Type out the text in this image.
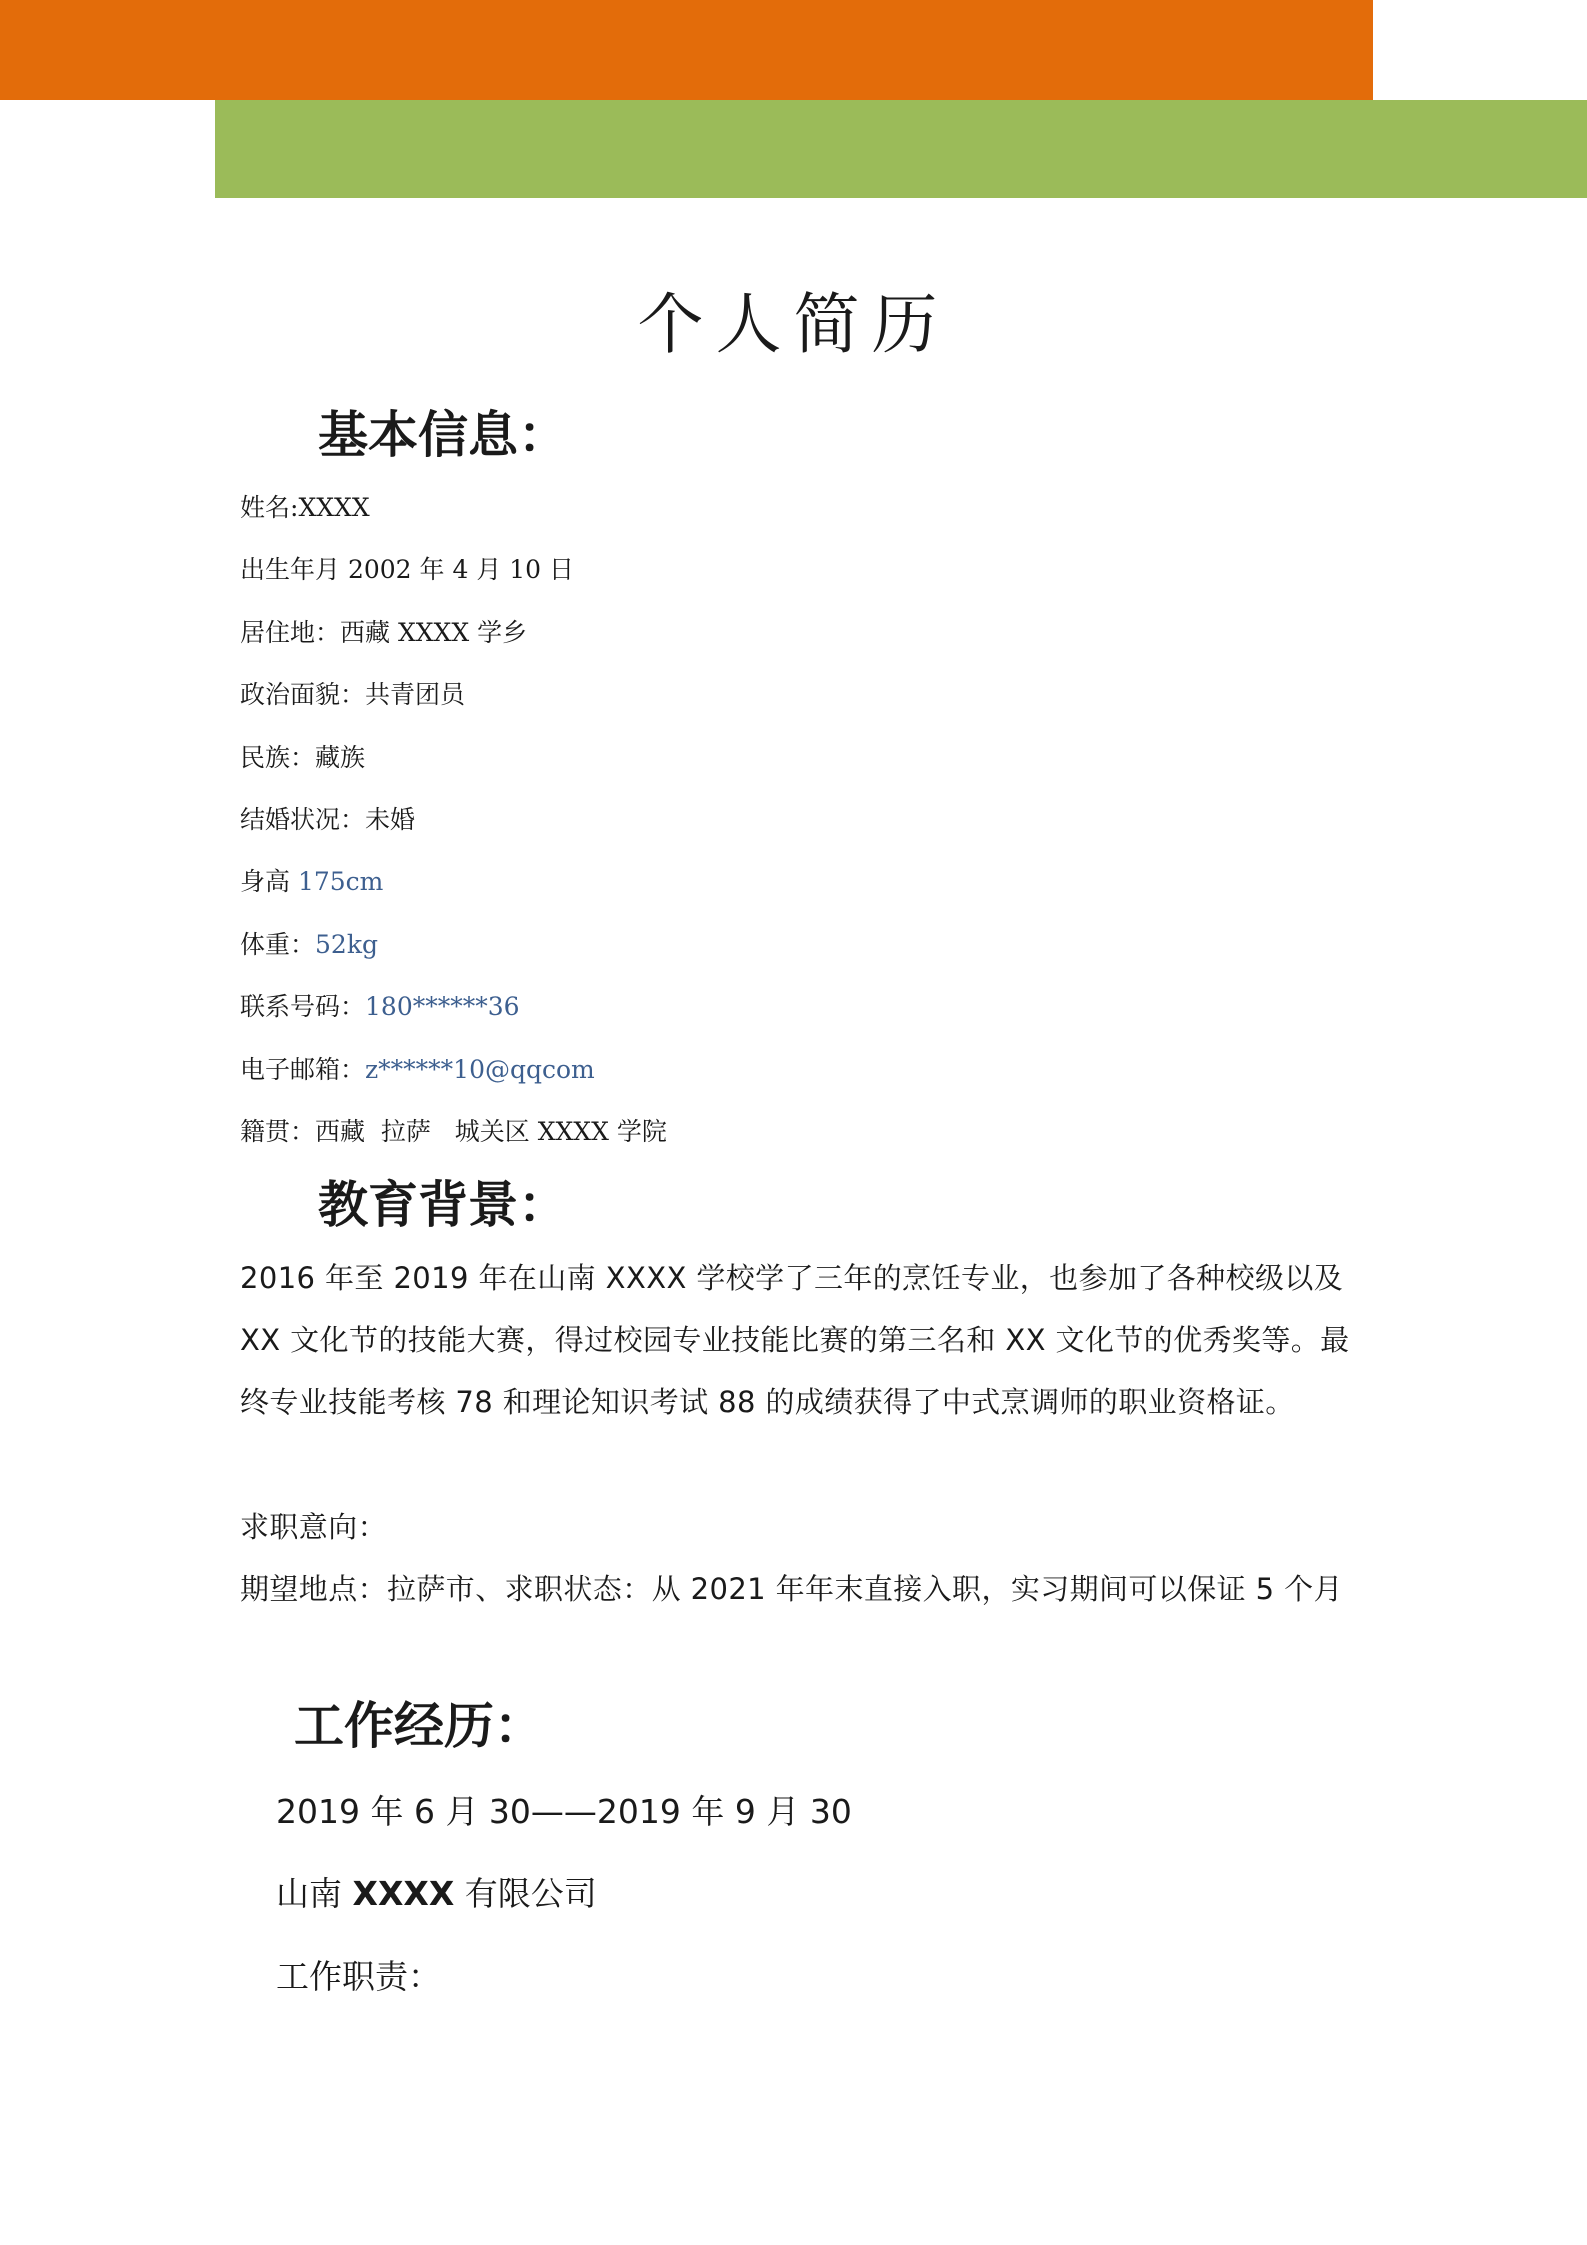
个人简历
基本信息：
姓名:XXXX
出生年月 2002 年 4 月 10 日
居住地：西藏 XXXX 学乡
政治面貌：共青团员
民族：藏族
结婚状况：未婚
身高 175cm
体重：52kg
联系号码：180******36
电子邮箱：z******10@qqcom
籍贯：西藏  拉萨   城关区 XXXX 学院
教育背景：

2016 年至 2019 年在山南 XXXX 学校学了三年的烹饪专业，也参加了各种校级以及 XX 文化节的技能大赛，得过校园专业技能比赛的第三名和 XX 文化节的优秀奖等。最终专业技能考核 78 和理论知识考试 88 的成绩获得了中式烹调师的职业资格证。

求职意向：

期望地点：拉萨市、求职状态：从 2021 年年末直接入职，实习期间可以保证 5 个月

工作经历：
2019 年 6 月 30——2019 年 9 月 30
山南 XXXX 有限公司
工作职责：
